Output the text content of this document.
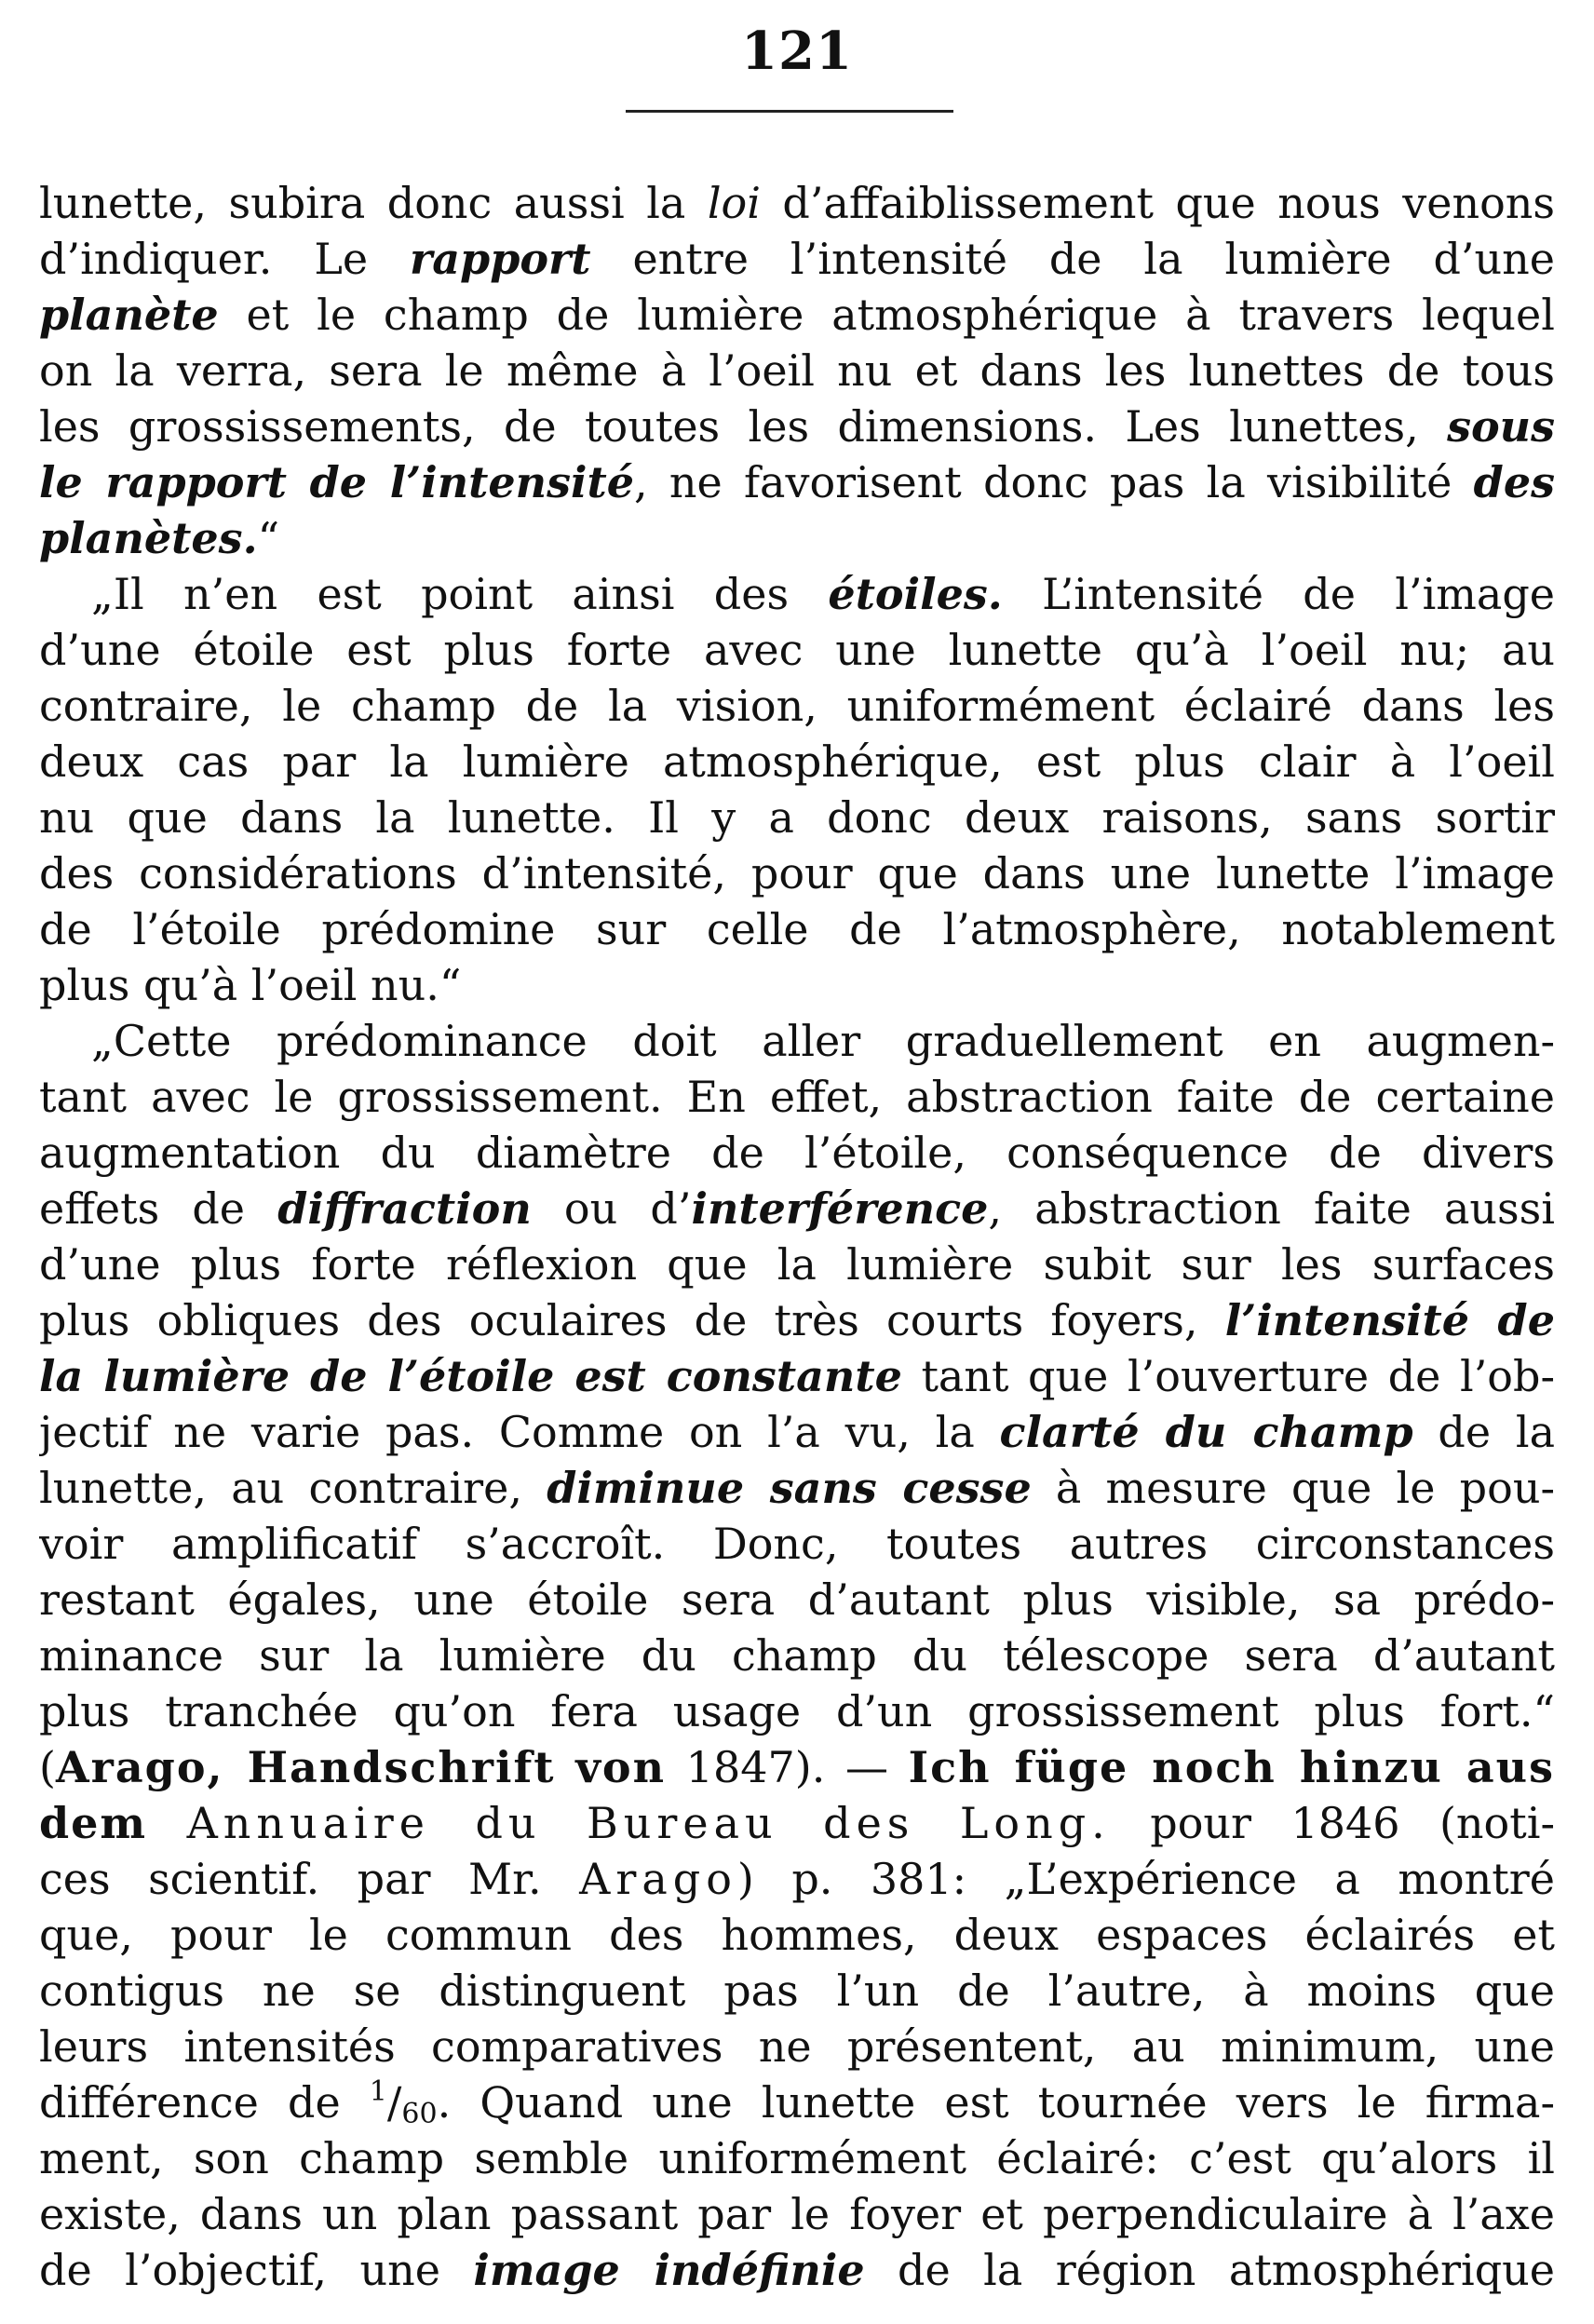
121
lunette, subira donc aussi la loi d’affaiblissement que nous venons
d’indiquer. Le rapport entre l’intensité de la lumière d’une
planète et le champ de lumière atmosphérique à travers lequel
on la verra, sera le même à l’oeil nu et dans les lunettes de tous
les grossissements, de toutes les dimensions. Les lunettes, sous
le rapport de l’intensité, ne favorisent donc pas la visibilité des
planètes.“
„Il n’en est point ainsi des étoiles. L’intensité de l’image
d’une étoile est plus forte avec une lunette qu’à l’oeil nu; au
contraire, le champ de la vision, uniformément éclairé dans les
deux cas par la lumière atmosphérique, est plus clair à l’oeil
nu que dans la lunette. Il y a donc deux raisons, sans sortir
des considérations d’intensité, pour que dans une lunette l’image
de l’étoile prédomine sur celle de l’atmosphère, notablement
plus qu’à l’oeil nu.“
„Cette prédominance doit aller graduellement en augmen-
tant avec le grossissement. En effet, abstraction faite de certaine
augmentation du diamètre de l’étoile, conséquence de divers
effets de diffraction ou d’interférence, abstraction faite aussi
d’une plus forte réflexion que la lumière subit sur les surfaces
plus obliques des oculaires de très courts foyers, l’intensité de
la lumière de l’étoile est constante tant que l’ouverture de l’ob-
jectif ne varie pas. Comme on l’a vu, la clarté du champ de la
lunette, au contraire, diminue sans cesse à mesure que le pou-
voir amplificatif s’accroît. Donc, toutes autres circonstances
restant égales, une étoile sera d’autant plus visible, sa prédo-
minance sur la lumière du champ du télescope sera d’autant
plus tranchée qu’on fera usage d’un grossissement plus fort.“
(Arago, Handschrift von 1847). — Ich füge noch hinzu aus
dem Annuaire du Bureau des Long. pour 1846 (noti-
ces scientif. par Mr. Arago) p. 381: „L’expérience a montré
que, pour le commun des hommes, deux espaces éclairés et
contigus ne se distinguent pas l’un de l’autre, à moins que
leurs intensités comparatives ne présentent, au minimum, une
différence de $^1/_{60}$. Quand une lunette est tournée vers le firma-
ment, son champ semble uniformément éclairé: c’est qu’alors il
existe, dans un plan passant par le foyer et perpendiculaire à l’axe
de l’objectif, une image indéfinie de la région atmosphérique
